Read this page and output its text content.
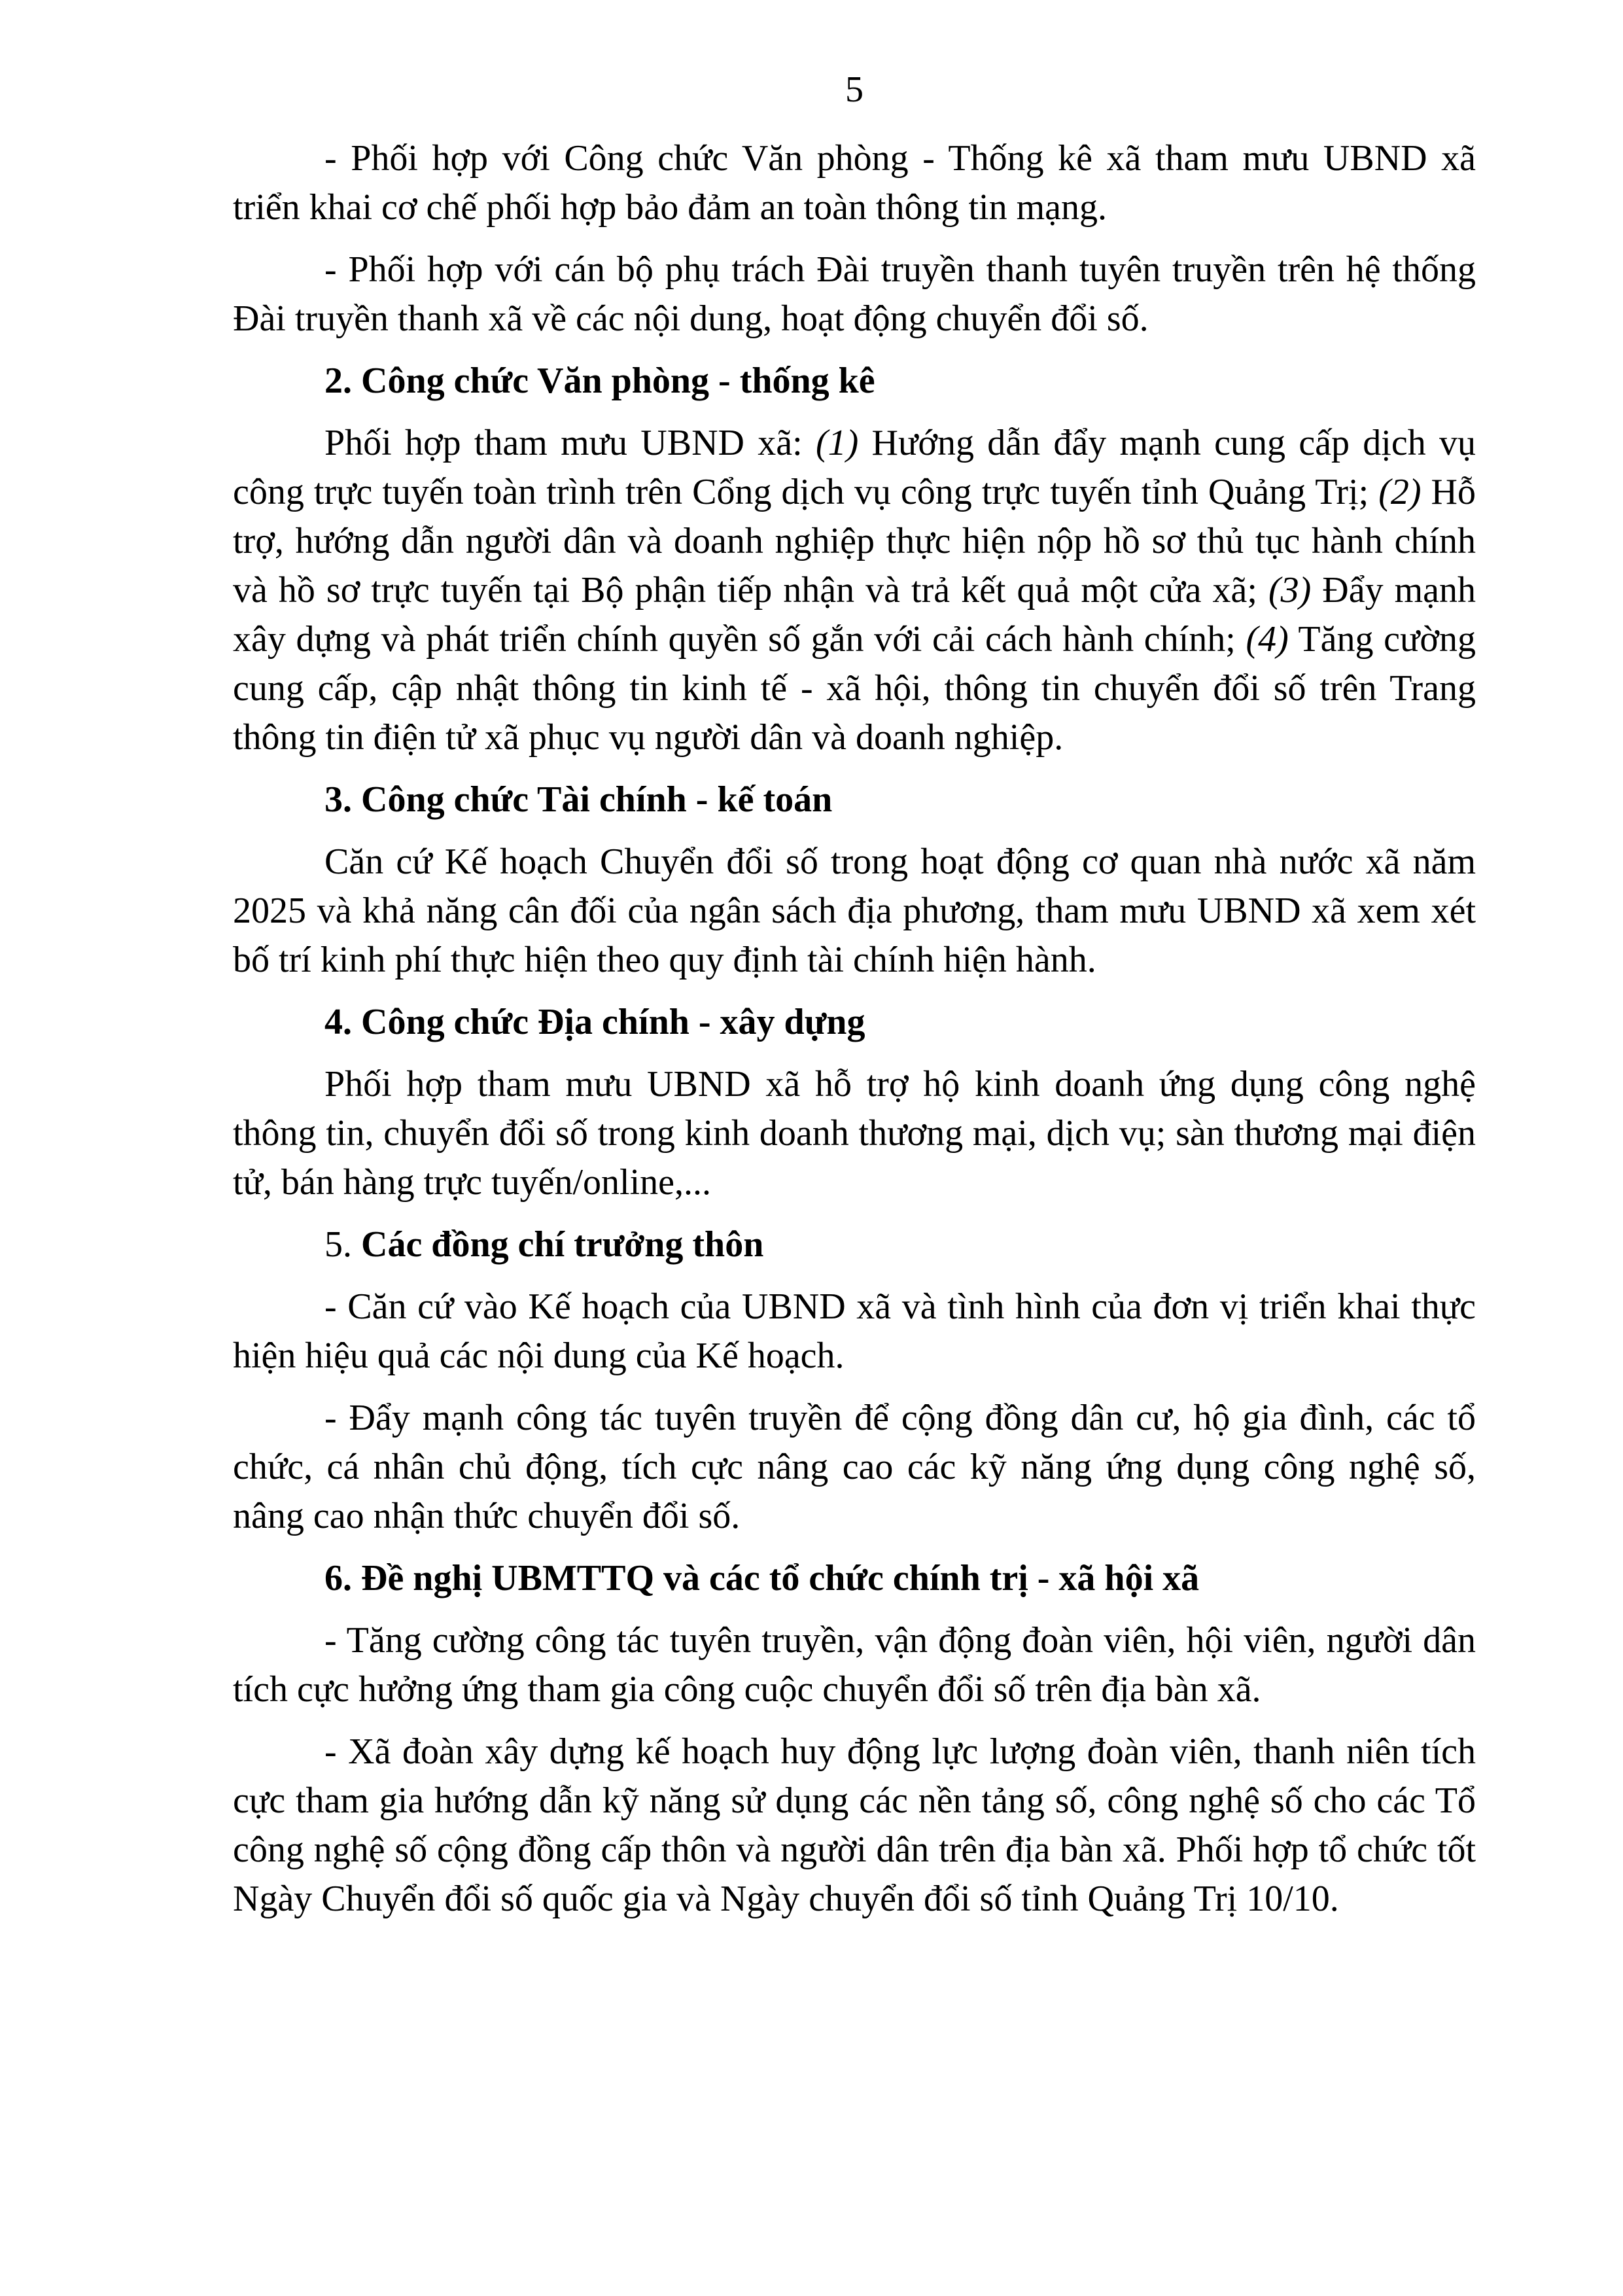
5

- Phối hợp với Công chức Văn phòng - Thống kê xã tham mưu UBND xã triển khai cơ chế phối hợp bảo đảm an toàn thông tin mạng.

- Phối hợp với cán bộ phụ trách Đài truyền thanh tuyên truyền trên hệ thống Đài truyền thanh xã về các nội dung, hoạt động chuyển đổi số.

2. Công chức Văn phòng - thống kê

Phối hợp tham mưu UBND xã: (1) Hướng dẫn đẩy mạnh cung cấp dịch vụ công trực tuyến toàn trình trên Cổng dịch vụ công trực tuyến tỉnh Quảng Trị; (2) Hỗ trợ, hướng dẫn người dân và doanh nghiệp thực hiện nộp hồ sơ thủ tục hành chính và hồ sơ trực tuyến tại Bộ phận tiếp nhận và trả kết quả một cửa xã; (3) Đẩy mạnh xây dựng và phát triển chính quyền số gắn với cải cách hành chính; (4) Tăng cường cung cấp, cập nhật thông tin kinh tế - xã hội, thông tin chuyển đổi số trên Trang thông tin điện tử xã phục vụ người dân và doanh nghiệp.

3. Công chức Tài chính - kế toán

Căn cứ Kế hoạch Chuyển đổi số trong hoạt động cơ quan nhà nước xã năm 2025 và khả năng cân đối của ngân sách địa phương, tham mưu UBND xã xem xét bố trí kinh phí thực hiện theo quy định tài chính hiện hành.

4. Công chức Địa chính - xây dựng

Phối hợp tham mưu UBND xã hỗ trợ hộ kinh doanh ứng dụng công nghệ thông tin, chuyển đổi số trong kinh doanh thương mại, dịch vụ; sàn thương mại điện tử, bán hàng trực tuyến/online,...

5. Các đồng chí trưởng thôn

- Căn cứ vào Kế hoạch của UBND xã và tình hình của đơn vị triển khai thực hiện hiệu quả các nội dung của Kế hoạch.

- Đẩy mạnh công tác tuyên truyền để cộng đồng dân cư, hộ gia đình, các tổ chức, cá nhân chủ động, tích cực nâng cao các kỹ năng ứng dụng công nghệ số, nâng cao nhận thức chuyển đổi số.

6. Đề nghị UBMTTQ và các tổ chức chính trị - xã hội xã

- Tăng cường công tác tuyên truyền, vận động đoàn viên, hội viên, người dân tích cực hưởng ứng tham gia công cuộc chuyển đổi số trên địa bàn xã.

- Xã đoàn xây dựng kế hoạch huy động lực lượng đoàn viên, thanh niên tích cực tham gia hướng dẫn kỹ năng sử dụng các nền tảng số, công nghệ số cho các Tổ công nghệ số cộng đồng cấp thôn và người dân trên địa bàn xã. Phối hợp tổ chức tốt Ngày Chuyển đổi số quốc gia và Ngày chuyển đổi số tỉnh Quảng Trị 10/10.
